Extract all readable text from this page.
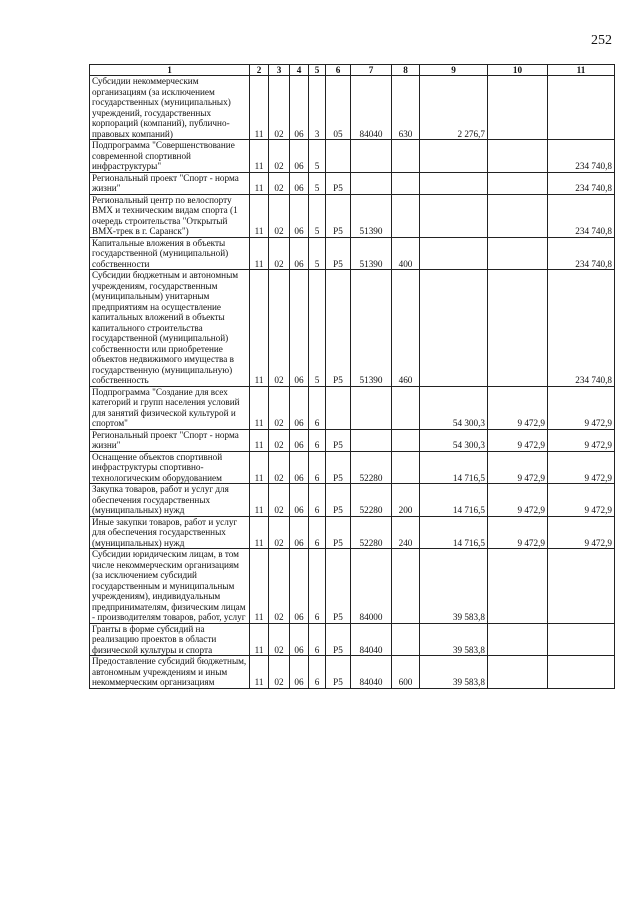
252
1	2	3	4	5	6	7	8	9	10	11
Субсидии некоммерческим организациям (за исключением государственных (муниципальных) учреждений, государственных корпораций (компаний), публично-правовых компаний)	11	02	06	3	05	84040	630	2 276,7		
Подпрограмма "Совершенствование современной спортивной инфраструктуры"	11	02	06	5						234 740,8
Региональный проект "Спорт - норма жизни"	11	02	06	5	P5					234 740,8
Региональный центр по велоспорту ВМХ и техническим видам спорта (1 очередь строительства "Открытый ВМХ-трек в г. Саранск")	11	02	06	5	P5	51390				234 740,8
Капитальные вложения в объекты государственной (муниципальной) собственности	11	02	06	5	P5	51390	400			234 740,8
Субсидии бюджетным и автономным учреждениям, государственным (муниципальным) унитарным предприятиям на осуществление капитальных вложений в объекты капитального строительства государственной (муниципальной) собственности или приобретение объектов недвижимого имущества в государственную (муниципальную) собственность	11	02	06	5	P5	51390	460			234 740,8
Подпрограмма "Создание для всех категорий и групп населения условий для занятий физической культурой и спортом"	11	02	06	6				54 300,3	9 472,9	9 472,9
Региональный проект "Спорт - норма жизни"	11	02	06	6	P5			54 300,3	9 472,9	9 472,9
Оснащение объектов спортивной инфраструктуры спортивно-технологическим оборудованием	11	02	06	6	P5	52280		14 716,5	9 472,9	9 472,9
Закупка товаров, работ и услуг для обеспечения государственных (муниципальных) нужд	11	02	06	6	P5	52280	200	14 716,5	9 472,9	9 472,9
Иные закупки товаров, работ и услуг для обеспечения государственных (муниципальных) нужд	11	02	06	6	P5	52280	240	14 716,5	9 472,9	9 472,9
Субсидии юридическим лицам, в том числе некоммерческим организациям (за исключением субсидий государственным и муниципальным учреждениям), индивидуальным предпринимателям, физическим лицам - производителям товаров, работ, услуг	11	02	06	6	P5	84000		39 583,8		
Гранты в форме субсидий на реализацию проектов в области физической культуры и спорта	11	02	06	6	P5	84040		39 583,8		
Предоставление субсидий бюджетным, автономным учреждениям и иным некоммерческим организациям	11	02	06	6	P5	84040	600	39 583,8		
